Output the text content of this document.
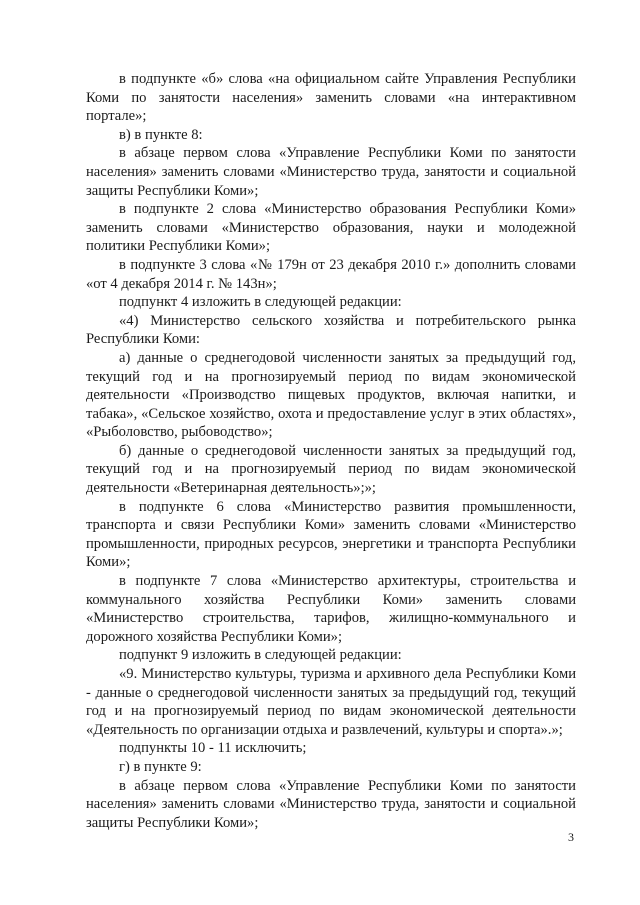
в подпункте «б» слова «на официальном сайте Управления Республики Коми по занятости населения» заменить словами «на интерактивном портале»;

в) в пункте 8:

в абзаце первом слова «Управление Республики Коми по занятости населения» заменить словами «Министерство труда, занятости и социальной защиты Республики Коми»;

в подпункте 2 слова «Министерство образования Республики Коми» заменить словами «Министерство образования, науки и молодежной политики Республики Коми»;

в подпункте 3 слова «№ 179н от 23 декабря 2010 г.» дополнить словами «от 4 декабря 2014 г. № 143н»;

подпункт 4 изложить в следующей редакции:

«4) Министерство сельского хозяйства и потребительского рынка Республики Коми:

а) данные о среднегодовой численности занятых за предыдущий год, текущий год и на прогнозируемый период по видам экономической деятельности «Производство пищевых продуктов, включая напитки, и табака», «Сельское хозяйство, охота и предоставление услуг в этих областях», «Рыболовство, рыбоводство»;

б) данные о среднегодовой численности занятых за предыдущий год, текущий год и на прогнозируемый период по видам экономической деятельности «Ветеринарная деятельность»;»;

в подпункте 6 слова «Министерство развития промышленности, транспорта и связи Республики Коми» заменить словами «Министерство промышленности, природных ресурсов, энергетики и транспорта Республики Коми»;

в подпункте 7 слова «Министерство архитектуры, строительства и коммунального хозяйства Республики Коми» заменить словами «Министерство строительства, тарифов, жилищно-коммунального и дорожного хозяйства Республики Коми»;

подпункт 9 изложить в следующей редакции:

«9. Министерство культуры, туризма и архивного дела Республики Коми - данные о среднегодовой численности занятых за предыдущий год, текущий год и на прогнозируемый период по видам экономической деятельности «Деятельность по организации отдыха и развлечений, культуры и спорта».»;

подпункты 10 - 11 исключить;

г) в пункте 9:

в абзаце первом слова «Управление Республики Коми по занятости населения» заменить словами «Министерство труда, занятости и социальной защиты Республики Коми»;

3
